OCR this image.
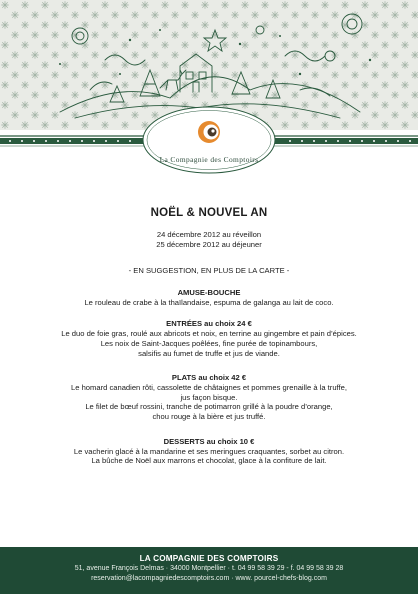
La Compagnie des Comptoirs
NOËL & NOUVEL AN
24 décembre 2012 au réveillon
25 décembre 2012 au déjeuner
- EN SUGGESTION, EN PLUS DE LA CARTE -
AMUSE-BOUCHE
Le rouleau de crabe à la thaïlandaise, espuma de galanga au lait de coco.
ENTRÉES au choix 24 €
Le duo de foie gras, roulé aux abricots et noix, en terrine au gingembre et pain d’épices.
Les noix de Saint-Jacques poêlées, fine purée de topinambours,
salsifis au fumet de truffe et jus de viande.
PLATS au choix 42 €
Le homard canadien rôti, cassolette de châtaignes et pommes grenaille à la truffe,
jus façon bisque.
Le filet de bœuf rossini, tranche de potimarron grillé à la poudre d’orange,
chou rouge à la bière et jus truffé.
DESSERTS au choix 10 €
Le vacherin glacé à la mandarine et ses meringues craquantes, sorbet au citron.
La bûche de Noël aux marrons et chocolat, glace à la confiture de lait.
LA COMPAGNIE DES COMPTOIRS
51, avenue François Delmas · 34000 Montpellier · t. 04 99 58 39 29 - f. 04 99 58 39 28
reservation@lacompagniedescomptoirs.com · www. pourcel-chefs-blog.com
